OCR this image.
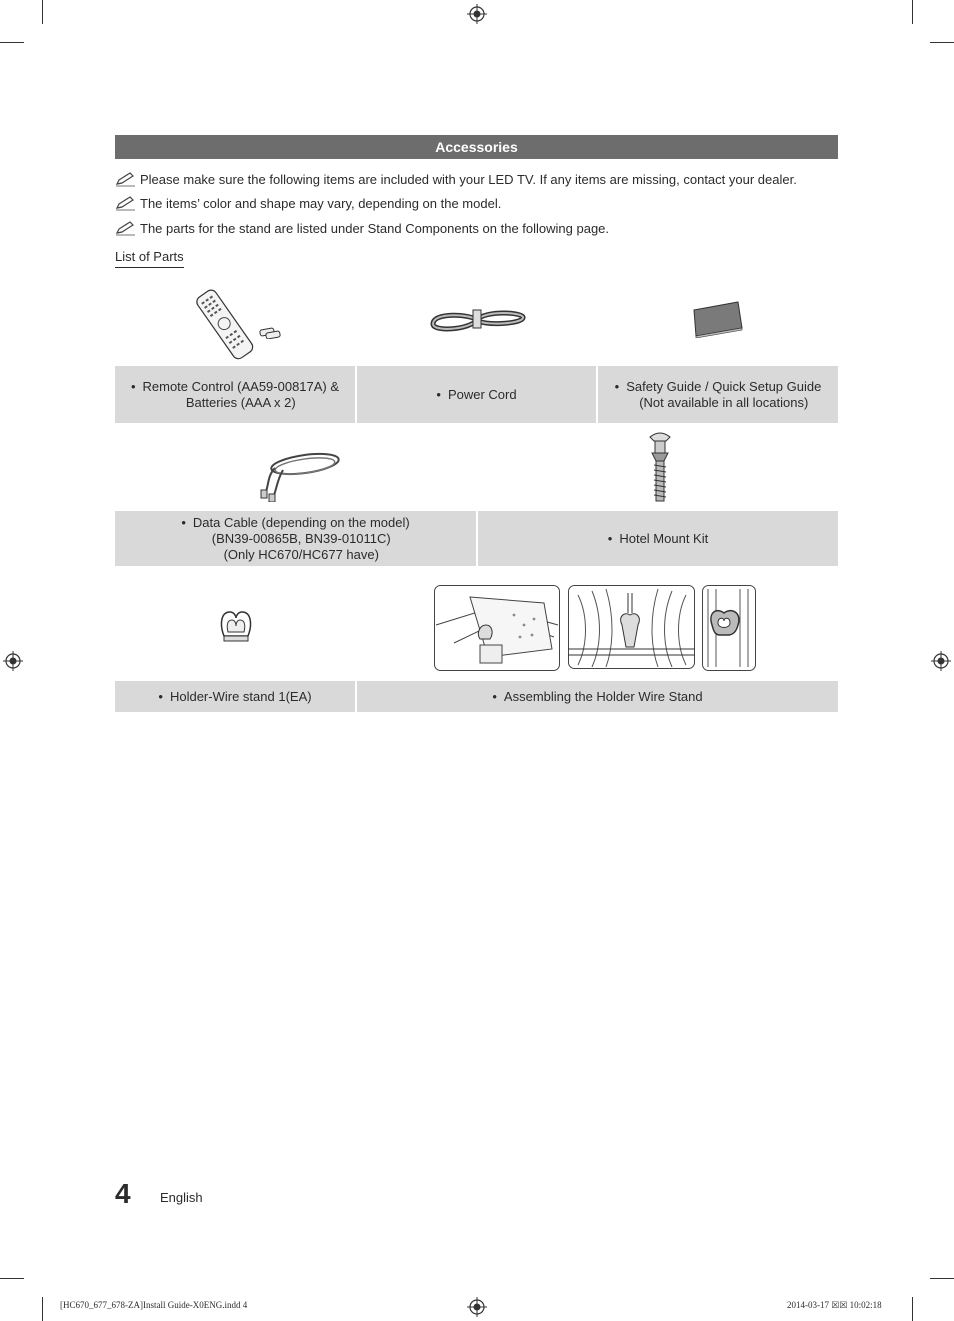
Accessories
Please make sure the following items are included with your LED TV. If any items are missing, contact your dealer.
The items’ color and shape may vary, depending on the model.
The parts for the stand are listed under Stand Components on the following page.
List of Parts
• Remote Control (AA59-00817A) &
Batteries (AAA x 2)
• Power Cord
• Safety Guide / Quick Setup Guide
(Not available in all locations)
• Data Cable (depending on the model)
(BN39-00865B, BN39-01011C)
(Only HC670/HC677 have)
• Hotel Mount Kit
• Holder-Wire stand 1(EA)	• Assembling the Holder Wire Stand
4 English
[HC670_677_678-ZA]Install Guide-X0ENG.indd 4	2014-03-17 ☒☒ 10:02:18
